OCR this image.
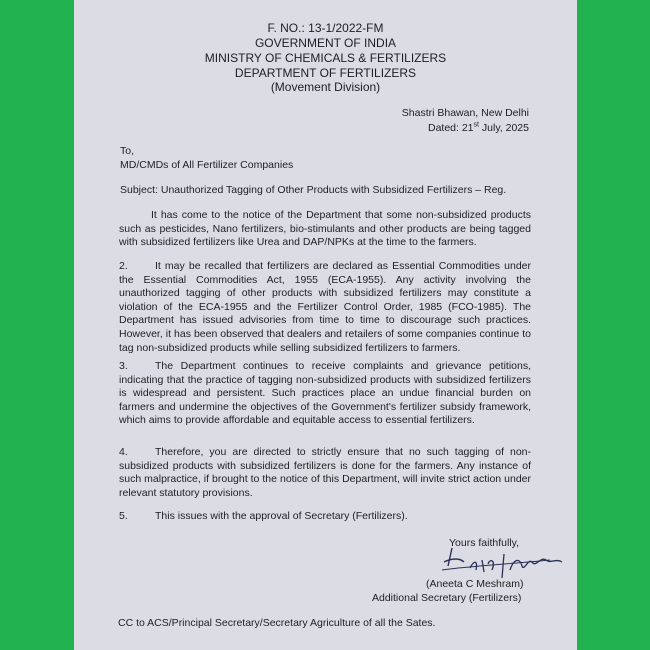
F. NO.: 13-1/2022-FM
GOVERNMENT OF INDIA
MINISTRY OF CHEMICALS & FERTILIZERS
DEPARTMENT OF FERTILIZERS
(Movement Division)
Shastri Bhawan, New Delhi
Dated: 21st July, 2025
To,
MD/CMDs of All Fertilizer Companies
Subject: Unauthorized Tagging of Other Products with Subsidized Fertilizers – Reg.
It has come to the notice of the Department that some non-subsidized products such as pesticides, Nano fertilizers, bio-stimulants and other products are being tagged with subsidized fertilizers like Urea and DAP/NPKs at the time to the farmers.
2.	It may be recalled that fertilizers are declared as Essential Commodities under the Essential Commodities Act, 1955 (ECA-1955). Any activity involving the unauthorized tagging of other products with subsidized fertilizers may constitute a violation of the ECA-1955 and the Fertilizer Control Order, 1985 (FCO-1985). The Department has issued advisories from time to time to discourage such practices. However, it has been observed that dealers and retailers of some companies continue to tag non-subsidized products while selling subsidized fertilizers to farmers.
3.	The Department continues to receive complaints and grievance petitions, indicating that the practice of tagging non-subsidized products with subsidized fertilizers is widespread and persistent. Such practices place an undue financial burden on farmers and undermine the objectives of the Government's fertilizer subsidy framework, which aims to provide affordable and equitable access to essential fertilizers.
4.	Therefore, you are directed to strictly ensure that no such tagging of non-subsidized products with subsidized fertilizers is done for the farmers. Any instance of such malpractice, if brought to the notice of this Department, will invite strict action under relevant statutory provisions.
5.	This issues with the approval of Secretary (Fertilizers).
Yours faithfully,
(Aneeta C Meshram)
Additional Secretary (Fertilizers)
CC to ACS/Principal Secretary/Secretary Agriculture of all the Sates.
